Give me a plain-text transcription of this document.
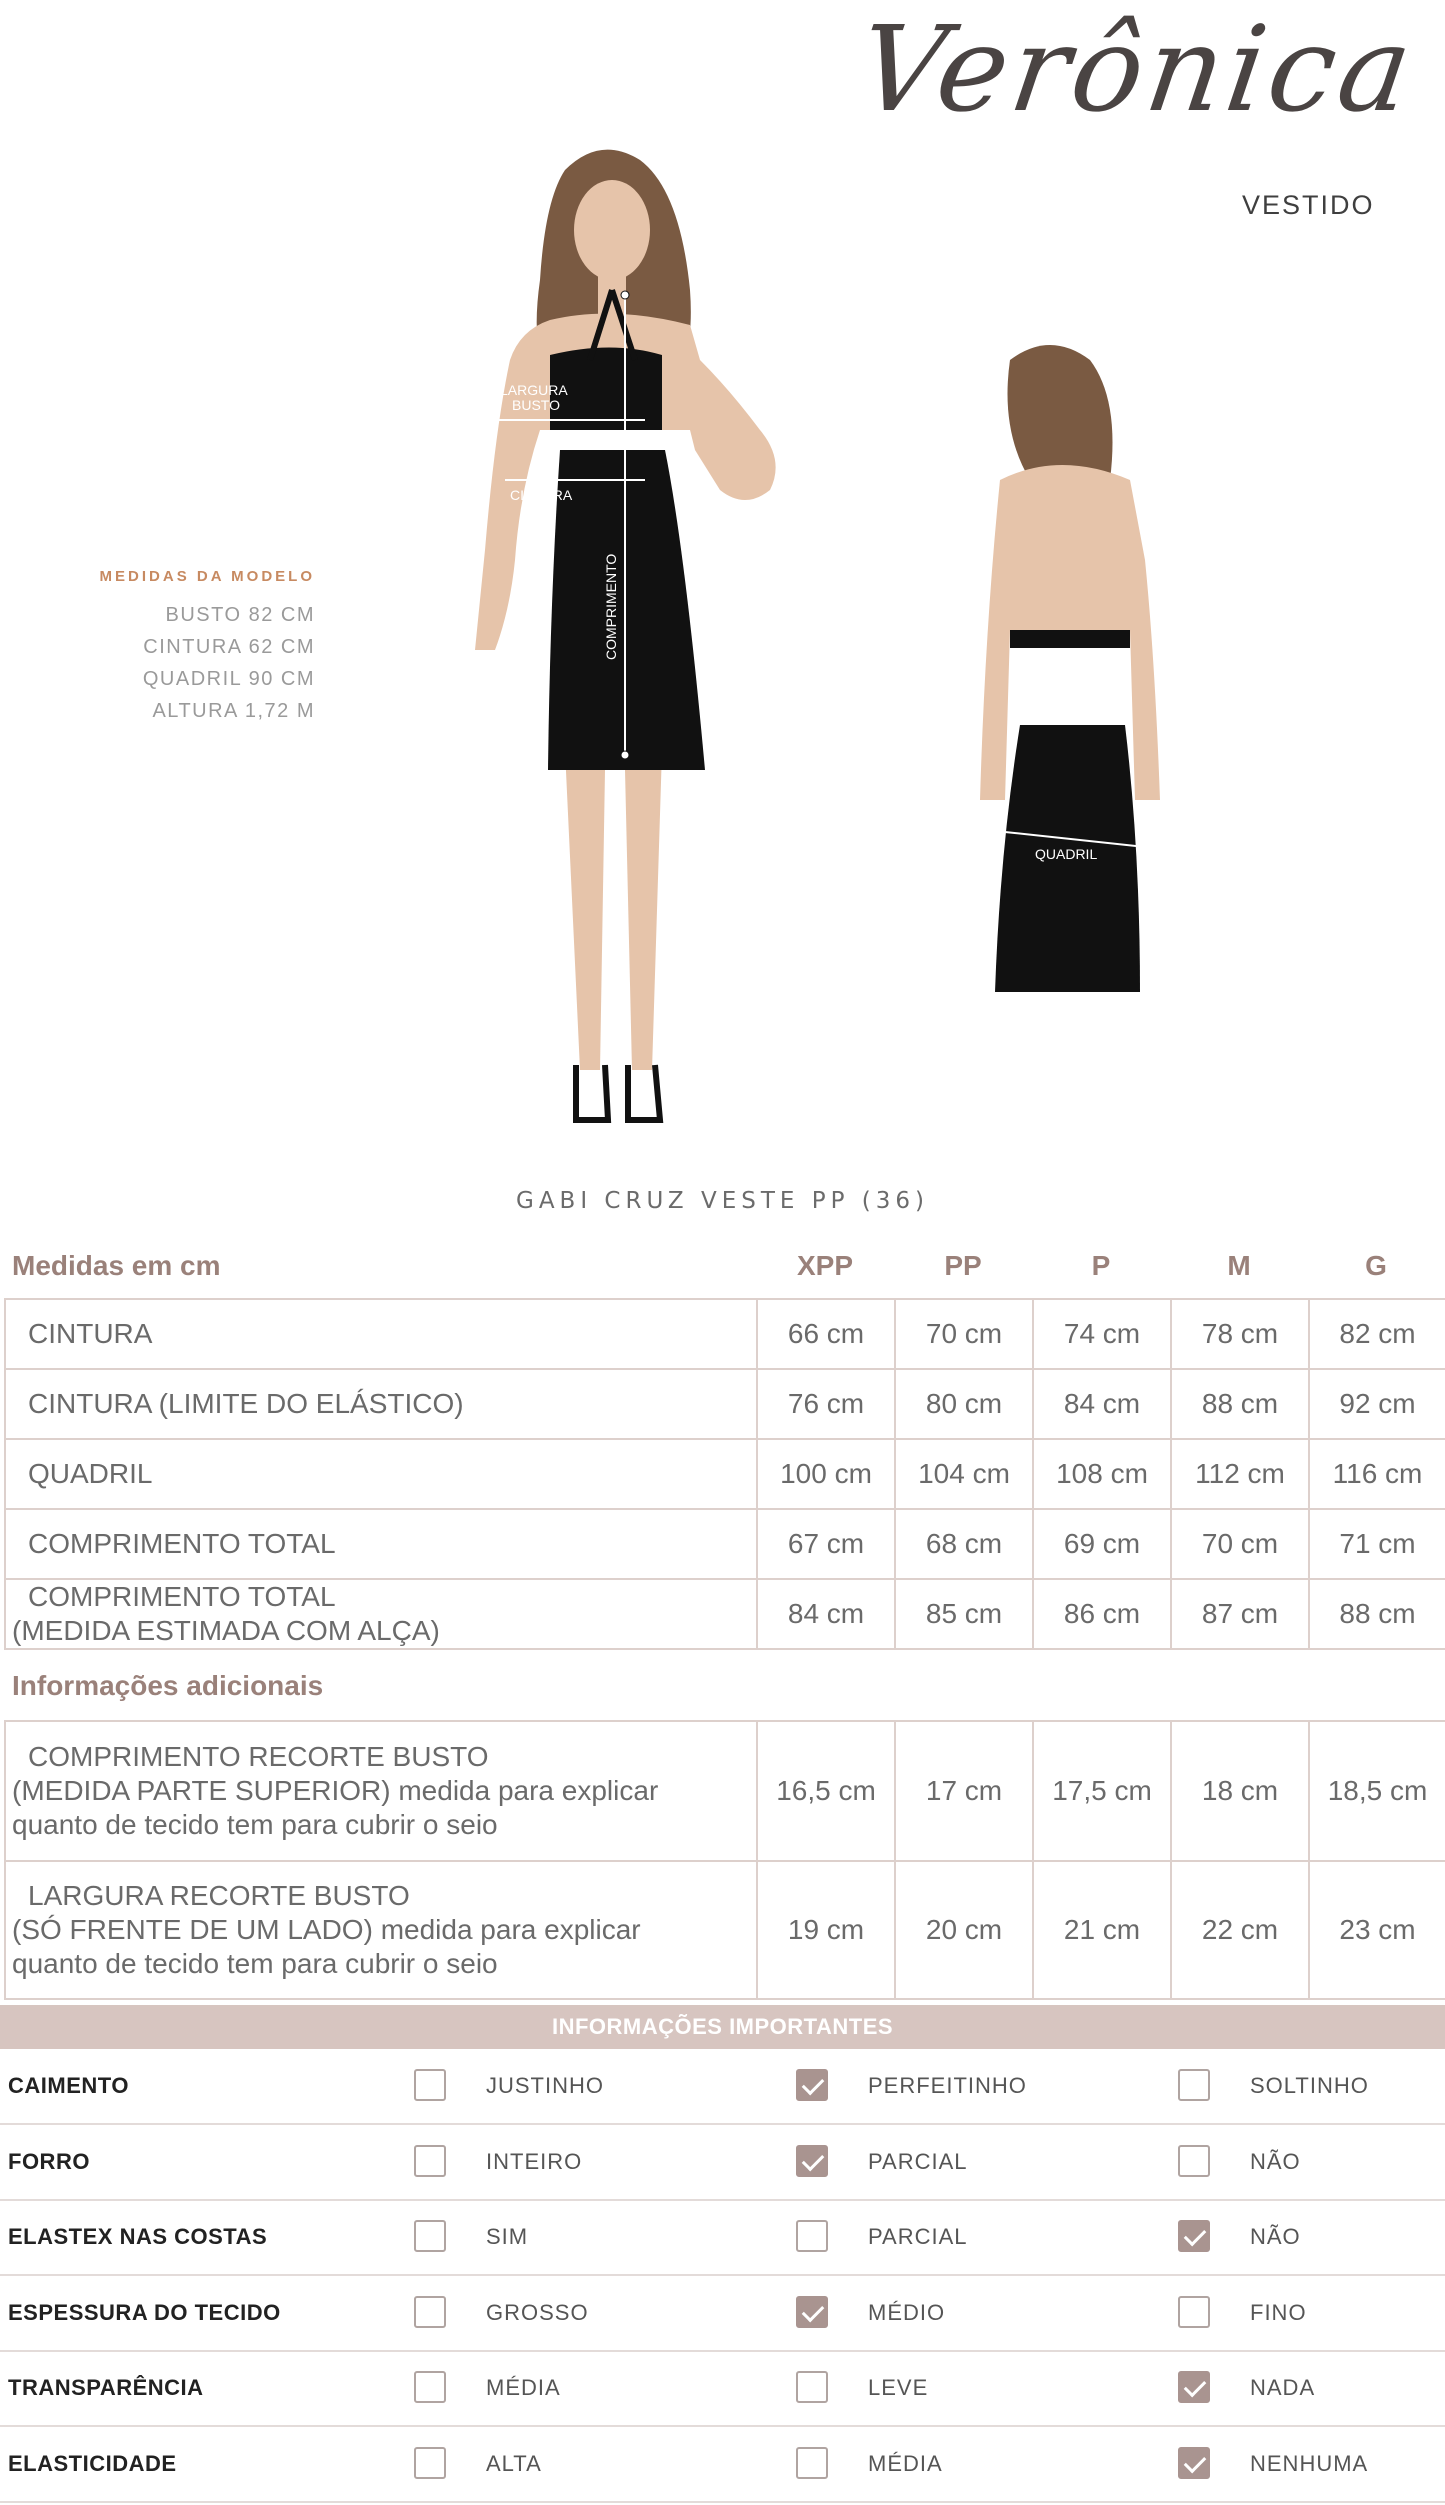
Verônica
VESTIDO
MEDIDAS DA MODELO
BUSTO 82 CM
CINTURA 62 CM
QUADRIL 90 CM
ALTURA 1,72 M
LARGURA
BUSTO
CINTURA
COMPRIMENTO
QUADRIL
GABI CRUZ VESTE PP (36)
Medidas em cm	XPP	PP	P	M	G
CINTURA	66 cm	70 cm	74 cm	78 cm	82 cm
CINTURA (LIMITE DO ELÁSTICO)	76 cm	80 cm	84 cm	88 cm	92 cm
QUADRIL	100 cm	104 cm	108 cm	112 cm	116 cm
COMPRIMENTO TOTAL	67 cm	68 cm	69 cm	70 cm	71 cm
COMPRIMENTO TOTAL
(MEDIDA ESTIMADA COM ALÇA)	84 cm	85 cm	86 cm	87 cm	88 cm
Informações adicionais
COMPRIMENTO RECORTE BUSTO
(MEDIDA PARTE SUPERIOR) medida para explicar
quanto de tecido tem para cubrir o seio	16,5 cm	17 cm	17,5 cm	18 cm	18,5 cm
LARGURA RECORTE BUSTO
(SÓ FRENTE DE UM LADO) medida para explicar
quanto de tecido tem para cubrir o seio	19 cm	20 cm	21 cm	22 cm	23 cm
INFORMAÇÕES IMPORTANTES
CAIMENTO	JUSTINHO	PERFEITINHO	SOLTINHO
FORRO	INTEIRO	PARCIAL	NÃO
ELASTEX NAS COSTAS	SIM	PARCIAL	NÃO
ESPESSURA DO TECIDO	GROSSO	MÉDIO	FINO
TRANSPARÊNCIA	MÉDIA	LEVE	NADA
ELASTICIDADE	ALTA	MÉDIA	NENHUMA
